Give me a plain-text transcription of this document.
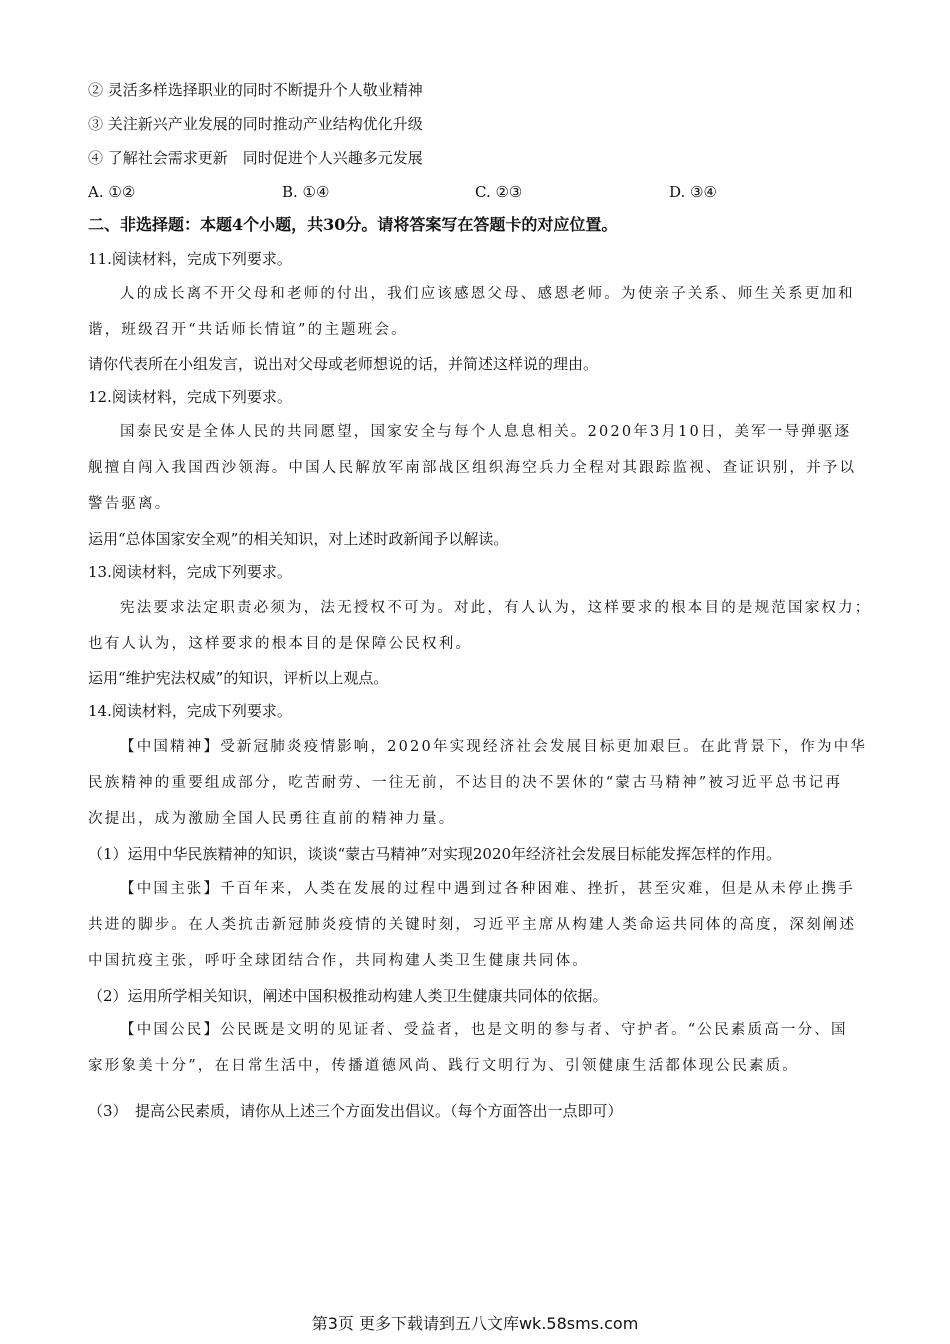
② 灵活多样选择职业的同时不断提升个人敬业精神
③ 关注新兴产业发展的同时推动产业结构优化升级
④ 了解社会需求更新　同时促进个人兴趣多元发展
A. ①②	B. ①④	C. ②③	D. ③④
二、非选择题：本题4个小题，共30分。请将答案写在答题卡的对应位置。
11.阅读材料，完成下列要求。
人的成长离不开父母和老师的付出，我们应该感恩父母、感恩老师。为使亲子关系、师生关系更加和
谐，班级召开“共话师长情谊”的主题班会。
请你代表所在小组发言，说出对父母或老师想说的话，并简述这样说的理由。
12.阅读材料，完成下列要求。
国泰民安是全体人民的共同愿望，国家安全与每个人息息相关。2020年3月10日，美军一导弹驱逐
舰擅自闯入我国西沙领海。中国人民解放军南部战区组织海空兵力全程对其跟踪监视、查证识别，并予以
警告驱离。
运用“总体国家安全观”的相关知识，对上述时政新闻予以解读。
13.阅读材料，完成下列要求。
宪法要求法定职责必须为，法无授权不可为。对此，有人认为，这样要求的根本目的是规范国家权力；
也有人认为，这样要求的根本目的是保障公民权利。
运用“维护宪法权威”的知识，评析以上观点。
14.阅读材料，完成下列要求。
【中国精神】受新冠肺炎疫情影响，2020年实现经济社会发展目标更加艰巨。在此背景下，作为中华
民族精神的重要组成部分，吃苦耐劳、一往无前，不达目的决不罢休的“蒙古马精神”被习近平总书记再
次提出，成为激励全国人民勇往直前的精神力量。
（1）运用中华民族精神的知识，谈谈“蒙古马精神”对实现2020年经济社会发展目标能发挥怎样的作用。
【中国主张】千百年来，人类在发展的过程中遇到过各种困难、挫折，甚至灾难，但是从未停止携手
共进的脚步。在人类抗击新冠肺炎疫情的关键时刻，习近平主席从构建人类命运共同体的高度，深刻阐述
中国抗疫主张，呼吁全球团结合作，共同构建人类卫生健康共同体。
（2）运用所学相关知识，阐述中国积极推动构建人类卫生健康共同体的依据。
【中国公民】公民既是文明的见证者、受益者，也是文明的参与者、守护者。“公民素质高一分、国
家形象美十分”，在日常生活中，传播道德风尚、践行文明行为、引领健康生活都体现公民素质。
（3）　提高公民素质，请你从上述三个方面发出倡议。（每个方面答出一点即可）
第3页 更多下载请到五八文库wk.58sms.com
